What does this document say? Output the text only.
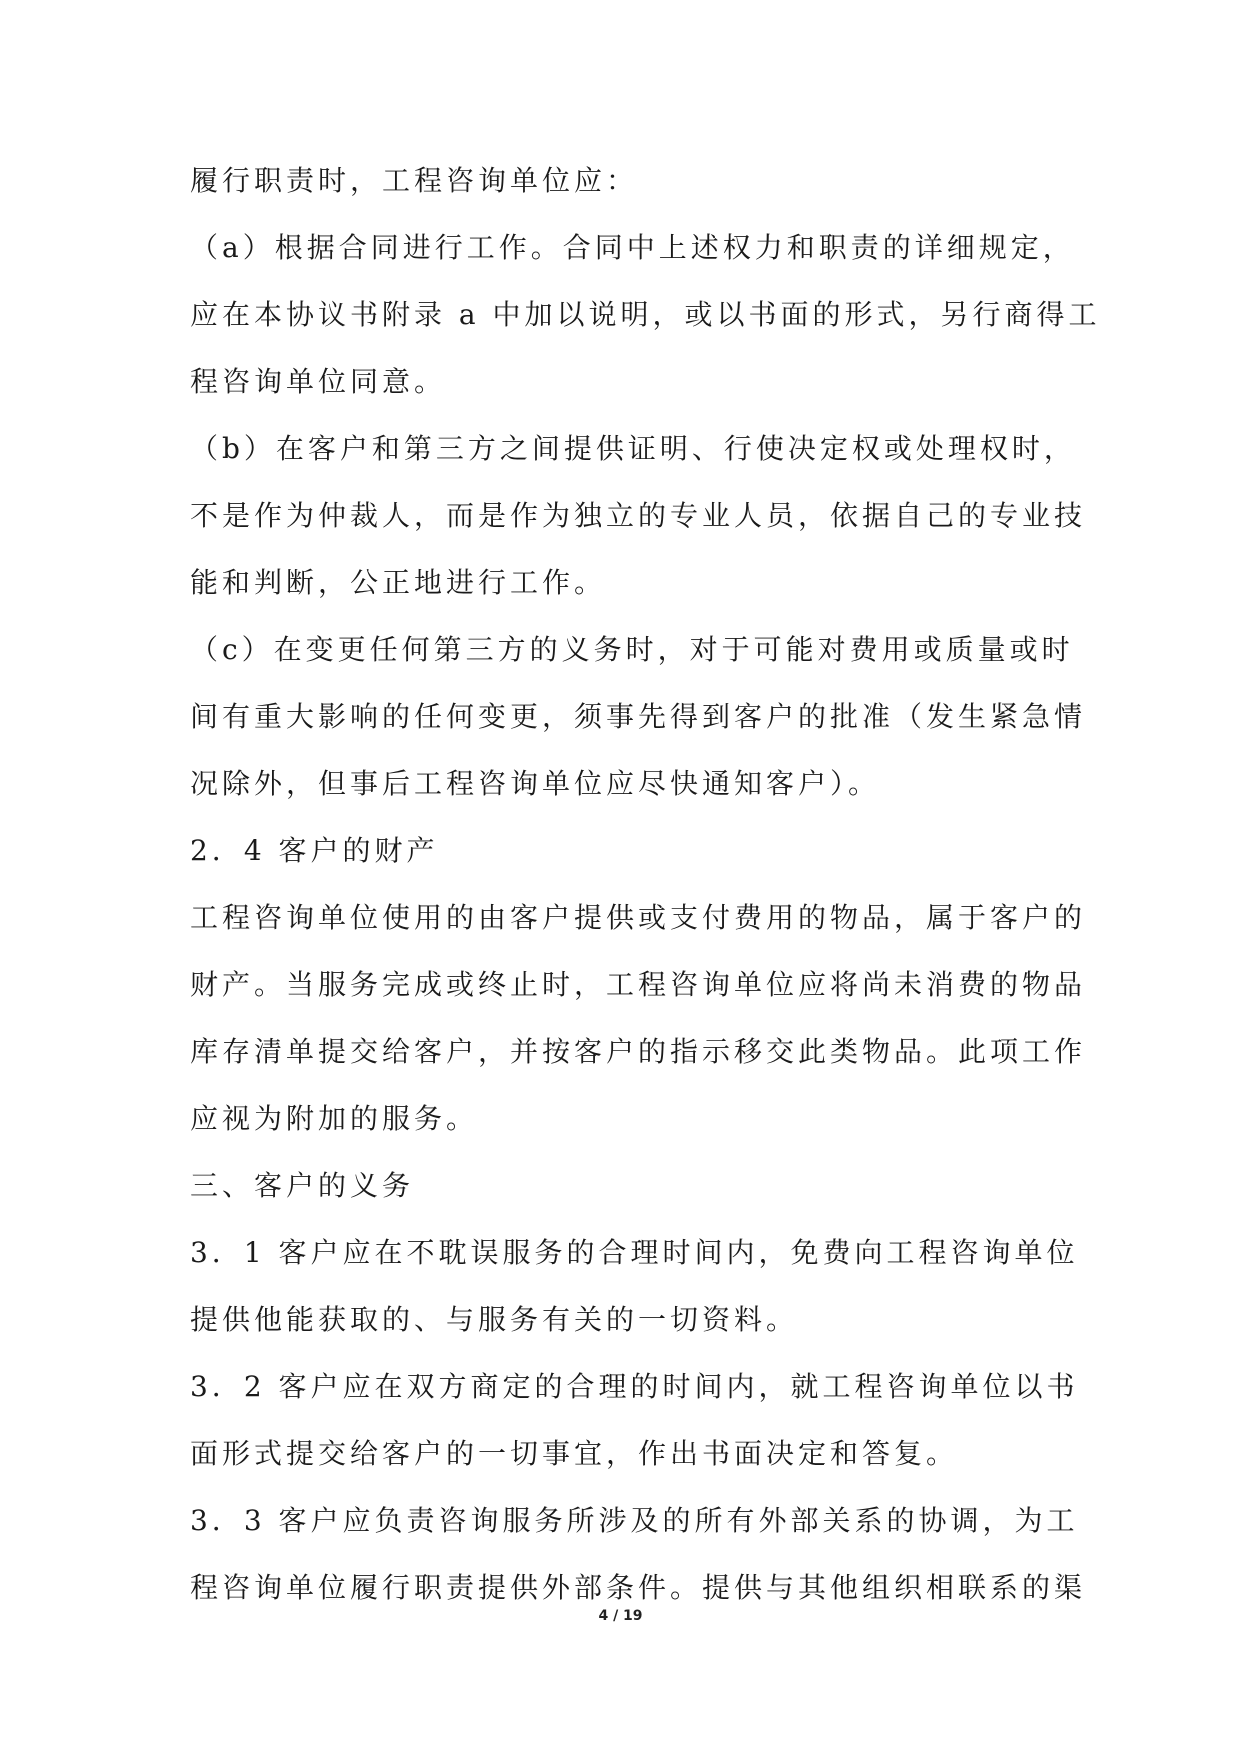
履行职责时，工程咨询单位应：
（a）根据合同进行工作。合同中上述权力和职责的详细规定，
应在本协议书附录 a 中加以说明，或以书面的形式，另行商得工
程咨询单位同意。
（b）在客户和第三方之间提供证明、行使决定权或处理权时，
不是作为仲裁人，而是作为独立的专业人员，依据自己的专业技
能和判断，公正地进行工作。
（c）在变更任何第三方的义务时，对于可能对费用或质量或时
间有重大影响的任何变更，须事先得到客户的批准（发生紧急情
况除外，但事后工程咨询单位应尽快通知客户）。
2．4 客户的财产
工程咨询单位使用的由客户提供或支付费用的物品，属于客户的
财产。当服务完成或终止时，工程咨询单位应将尚未消费的物品
库存清单提交给客户，并按客户的指示移交此类物品。此项工作
应视为附加的服务。
三、客户的义务
3．1 客户应在不耽误服务的合理时间内，免费向工程咨询单位
提供他能获取的、与服务有关的一切资料。
3．2 客户应在双方商定的合理的时间内，就工程咨询单位以书
面形式提交给客户的一切事宜，作出书面决定和答复。
3．3 客户应负责咨询服务所涉及的所有外部关系的协调，为工
程咨询单位履行职责提供外部条件。提供与其他组织相联系的渠
4 / 19
